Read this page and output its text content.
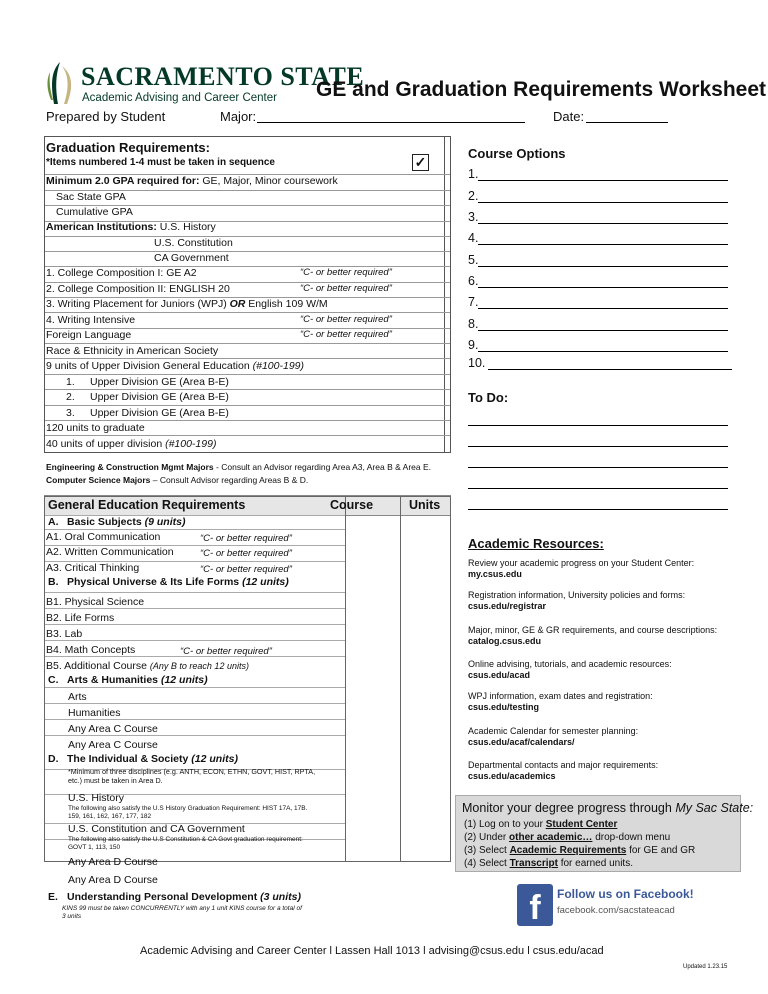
SACRAMENTO STATE
Academic Advising and Career Center GE and Graduation Requirements Worksheet
Prepared by Student	Major:	Date:
Graduation Requirements:
*Items numbered 1-4 must be taken in sequence	✓
Minimum 2.0 GPA required for: GE, Major, Minor coursework
Sac State GPA
Cumulative GPA
American Institutions: U.S. History
U.S. Constitution
CA Government
1. College Composition I: GE A2	“C- or better required”
2. College Composition II: ENGLISH 20	“C- or better required”
3. Writing Placement for Juniors (WPJ) OR English 109 W/M
4. Writing Intensive	“C- or better required”
Foreign Language	“C- or better required”
Race & Ethnicity in American Society
9 units of Upper Division General Education (#100-199)
1. Upper Division GE (Area B-E)
2. Upper Division GE (Area B-E)
3. Upper Division GE (Area B-E)
120 units to graduate
40 units of upper division (#100-199)
Engineering & Construction Mgmt Majors - Consult an Advisor regarding Area A3, Area B & Area E.
Computer Science Majors – Consult Advisor regarding Areas B & D.
General Education Requirements	Course	Units
A. Basic Subjects (9 units)
A1. Oral Communication	“C- or better required”
A2. Written Communication	“C- or better required”
A3. Critical Thinking	“C- or better required”
B. Physical Universe & Its Life Forms (12 units)
B1. Physical Science
B2. Life Forms
B3. Lab
B4. Math Concepts	“C- or better required”
B5. Additional Course (Any B to reach 12 units)
C. Arts & Humanities (12 units)
Arts
Humanities
Any Area C Course
Any Area C Course
D. The Individual & Society (12 units)
*Minimum of three disciplines (e.g. ANTH, ECON, ETHN, GOVT, HIST, RPTA, etc.) must be taken in Area D.
U.S. History
The following also satisfy the U.S History Graduation Requirement: HIST 17A, 17B. 159, 161, 162, 167, 177, 182
U.S. Constitution and CA Government
The following also satisfy the U.S Constitution & CA Govt graduation requirement: GOVT 1, 113, 150
Any Area D Course
Any Area D Course
E. Understanding Personal Development (3 units)
KINS 99 must be taken CONCURRENTLY with any 1 unit KINS course for a total of 3 units
Course Options
1.
2.
3.
4.
5.
6.
7.
8.
9.
10.
To Do:
Academic Resources:
Review your academic progress on your Student Center:
my.csus.edu
Registration information, University policies and forms:
csus.edu/registrar
Major, minor, GE & GR requirements, and course descriptions:
catalog.csus.edu
Online advising, tutorials, and academic resources:
csus.edu/acad
WPJ information, exam dates and registration:
csus.edu/testing
Academic Calendar for semester planning:
csus.edu/acaf/calendars/
Departmental contacts and major requirements:
csus.edu/academics
Monitor your degree progress through My Sac State:
(1) Log on to your Student Center
(2) Under other academic… drop-down menu
(3) Select Academic Requirements for GE and GR
(4) Select Transcript for earned units.
f	Follow us on Facebook!
facebook.com/sacstateacad
Academic Advising and Career Center l Lassen Hall 1013 l advising@csus.edu l csus.edu/acad
Updated 1.23.15
